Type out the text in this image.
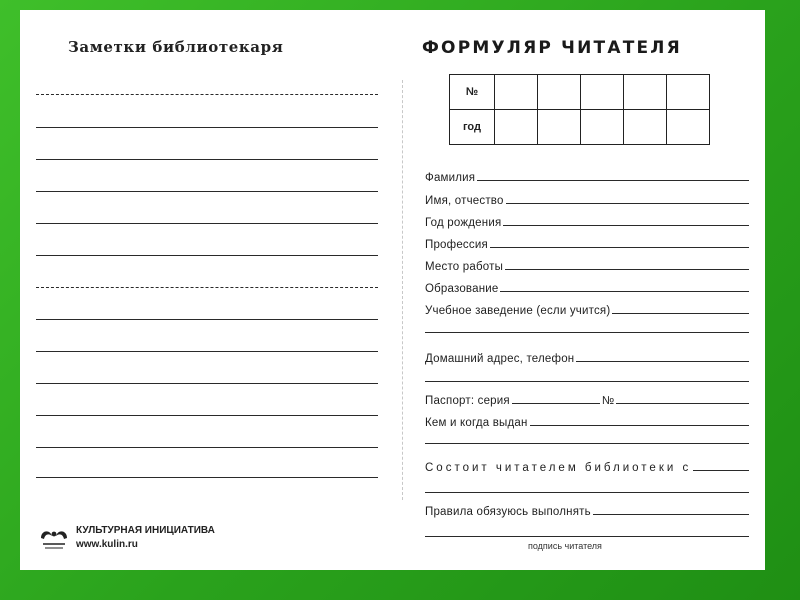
Заметки библиотекаря
КУЛЬТУРНАЯ ИНИЦИАТИВА
www.kulin.ru
ФОРМУЛЯР ЧИТАТЕЛЯ
№					
год					
Фамилия
Имя, отчество
Год рождения
Профессия
Место работы
Образование
Учебное заведение (если учится)
Домашний адрес, телефон
Паспорт: серия	№
Кем и когда выдан
Состоит читателем библиотеки с
Правила обязуюсь выполнять
подпись читателя
